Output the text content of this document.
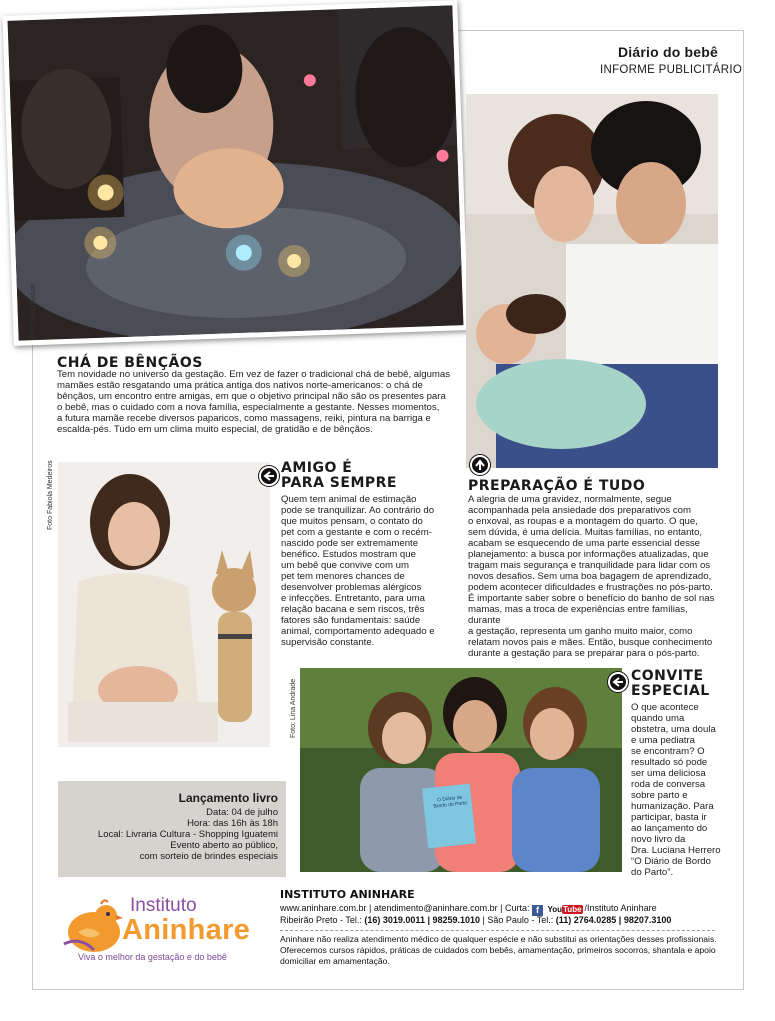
Diário do bebê
INFORME PUBLICITÁRIO
Foto: Sami Gebob
CHÁ DE BÊNÇÃOS
Tem novidade no universo da gestação. Em vez de fazer o tradicional chá de bebê, algumas
mamães estão resgatando uma prática antiga dos nativos norte-americanos: o chá de
bênçãos, um encontro entre amigas, em que o objetivo principal não são os presentes para
o bebê, mas o cuidado com a nova família, especialmente a gestante. Nesses momentos,
a futura mamãe recebe diversos paparicos, como massagens, reiki, pintura na barriga e
escalda-pés. Tudo em um clima muito especial, de gratidão e de bênçãos.
Foto Fabiola Medeiros	AMIGO É
PARA SEMPRE
Quem tem animal de estimação
pode se tranquilizar. Ao contrário do
que muitos pensam, o contato do
pet com a gestante e com o recém-
nascido pode ser extremamente
benéfico. Estudos mostram que
um bebê que convive com um
pet tem menores chances de
desenvolver problemas alérgicos
e infecções. Entretanto, para uma
relação bacana e sem riscos, três
fatores são fundamentais: saúde
animal, comportamento adequado e
supervisão constante.
PREPARAÇÃO É TUDO
A alegria de uma gravidez, normalmente, segue
acompanhada pela ansiedade dos preparativos com
o enxoval, as roupas e a montagem do quarto. O que,
sem dúvida, é uma delícia. Muitas famílias, no entanto,
acabam se esquecendo de uma parte essencial desse
planejamento: a busca por informações atualizadas, que
tragam mais segurança e tranquilidade para lidar com os
novos desafios. Sem uma boa bagagem de aprendizado,
podem acontecer dificuldades e frustrações no pós-parto.
É importante saber sobre o benefício do banho de sol nas
mamas, mas a troca de experiências entre famílias, durante
a gestação, representa um ganho muito maior, como
relatam novos pais e mães. Então, busque conhecimento
durante a gestação para se preparar para o pós-parto.
O Diário de Bordo do Parto
Foto: Lina Andrade
CONVITE
ESPECIAL
O que acontece
quando uma
obstetra, uma doula
e uma pediatra
se encontram? O
resultado só pode
ser uma deliciosa
roda de conversa
sobre parto e
humanização. Para
participar, basta ir
ao lançamento do
novo livro da
Dra. Luciana Herrero
“O Diário de Bordo
do Parto”.
Lançamento livro
Data: 04 de julho
Hora: das 16h às 18h
Local: Livraria Cultura - Shopping Iguatemi
Evento aberto ao público,
com sorteio de brindes especiais
Instituto
Aninhare
Viva o melhor da gestação e do bebê
INSTITUTO ANINHARE
www.aninhare.com.br | atendimento@aninhare.com.br | Curta: f YouTube /Instituto Aninhare
Ribeirão Preto - Tel.: (16) 3019.0011 | 98259.1010 | São Paulo - Tel.: (11) 2764.0285 | 98207.3100
Aninhare não realiza atendimento médico de qualquer espécie e não substitui as orientações desses profissionais. Oferecemos cursos rápidos, práticas de cuidados com bebês, amamentação, primeiros socorros, shantala e apoio domiciliar em amamentação.
